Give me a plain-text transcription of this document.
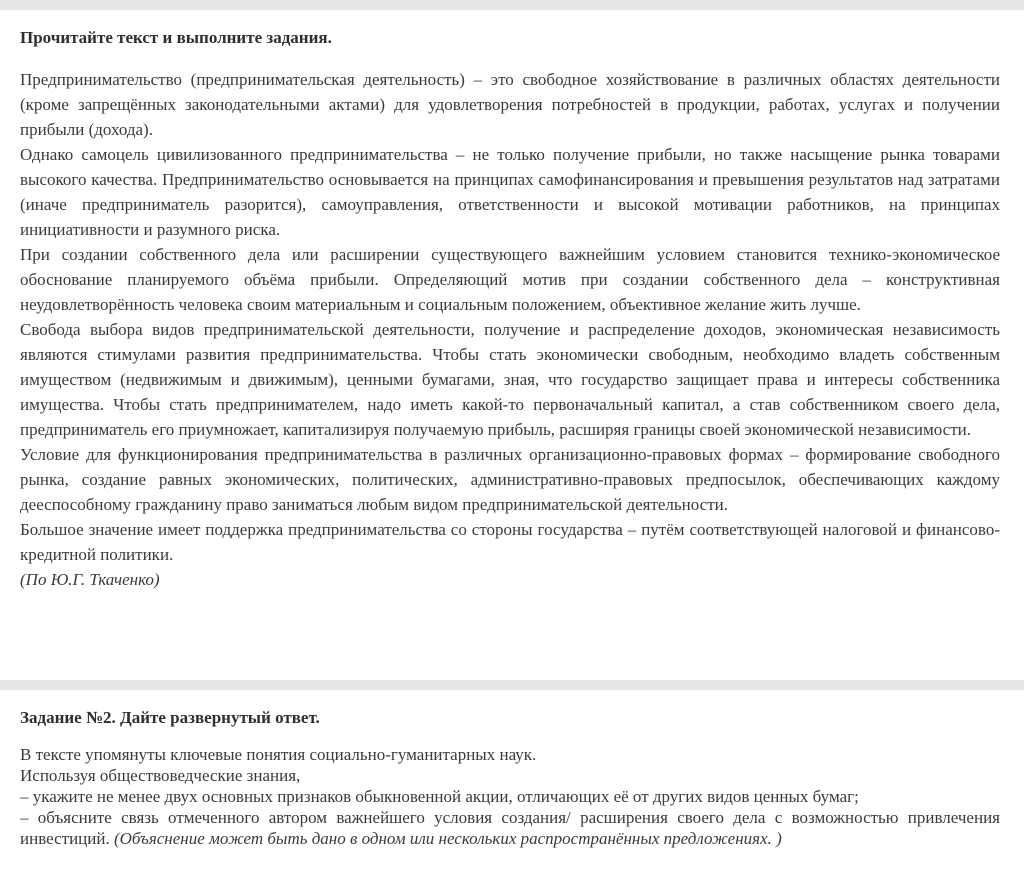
Прочитайте текст и выполните задания.

Предпринимательство (предпринимательская деятельность) – это свободное хозяйствование в различных областях деятельности (кроме запрещённых законодательными актами) для удовлетворения потребностей в продукции, работах, услугах и получении прибыли (дохода).

Однако самоцель цивилизованного предпринимательства – не только получение прибыли, но также насыщение рынка товарами высокого качества. Предпринимательство основывается на принципах самофинансирования и превышения результатов над затратами (иначе предприниматель разорится), самоуправления, ответственности и высокой мотивации работников, на принципах инициативности и разумного риска.

При создании собственного дела или расширении существующего важнейшим условием становится технико-экономическое обоснование планируемого объёма прибыли. Определяющий мотив при создании собственного дела – конструктивная неудовлетворённость человека своим материальным и социальным положением, объективное желание жить лучше.

Свобода выбора видов предпринимательской деятельности, получение и распределение доходов, экономическая независимость являются стимулами развития предпринимательства. Чтобы стать экономически свободным, необходимо владеть собственным имуществом (недвижимым и движимым), ценными бумагами, зная, что государство защищает права и интересы собственника имущества. Чтобы стать предпринимателем, надо иметь какой-то первоначальный капитал, а став собственником своего дела, предприниматель его приумножает, капитализируя получаемую прибыль, расширяя границы своей экономической независимости.

Условие для функционирования предпринимательства в различных организационно-правовых формах – формирование свободного рынка, создание равных экономических, политических, административно-правовых предпосылок, обеспечивающих каждому дееспособному гражданину право заниматься любым видом предпринимательской деятельности.

Большое значение имеет поддержка предпринимательства со стороны государства – путём соответствующей налоговой и финансово-кредитной политики.

(По Ю.Г. Ткаченко)

Задание №2. Дайте развернутый ответ.

В тексте упомянуты ключевые понятия социально-гуманитарных наук.

Используя обществоведческие знания,

– укажите не менее двух основных признаков обыкновенной акции, отличающих её от других видов ценных бумаг;

– объясните связь отмеченного автором важнейшего условия создания/ расширения своего дела с возможностью привлечения инвестиций. (Объяснение может быть дано в одном или нескольких распространённых предложениях. )
